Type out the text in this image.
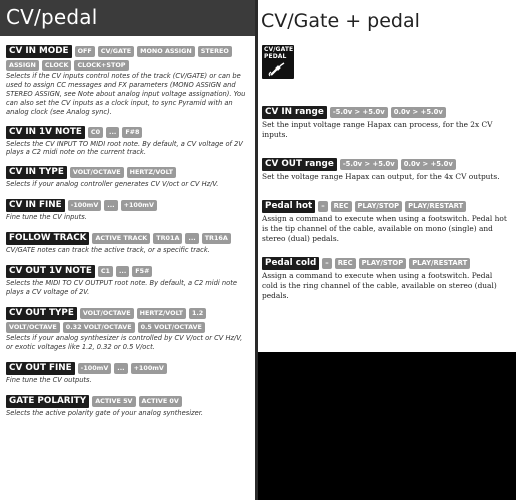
CV/pedal
CV IN MODE	OFF	CV/GATE	MONO ASSIGN	STEREO
ASSIGN	CLOCK	CLOCK+STOP
Selects if the CV inputs control notes of the track (CV/GATE) or can be used to assign CC messages and FX parameters (MONO ASSIGN and STEREO ASSIGN, see Note about analog input voltage assignation). You can also set the CV inputs as a clock input, to sync Pyramid with an analog clock (see Analog sync).
CV IN 1V NOTE	C0	...	F#8
Selects the CV INPUT TO MIDI root note. By default, a CV voltage of 2V plays a C2 midi note on the current track.
CV IN TYPE	VOLT/OCTAVE	HERTZ/VOLT
Selects if your analog controller generates CV V/oct or CV Hz/V.
CV IN FINE	-100mV	...	+100mV
Fine tune the CV inputs.
FOLLOW TRACK	ACTIVE TRACK	TR01A	...	TR16A
CV/GATE notes can track the active track, or a specific track.
CV OUT 1V NOTE	C1	...	F5#
Selects the MIDI TO CV OUTPUT root note. By default, a C2 midi note plays a CV voltage of 2V.
CV OUT TYPE	VOLT/OCTAVE	HERTZ/VOLT	1.2
VOLT/OCTAVE	0.32 VOLT/OCTAVE	0.5 VOLT/OCTAVE
Selects if your analog synthesizer is controlled by CV V/oct or CV Hz/V, or exotic voltages like 1.2, 0.32 or 0.5 V/oct.
CV OUT FINE	-100mV	...	+100mV
Fine tune the CV outputs.
GATE POLARITY	ACTIVE 5V	ACTIVE 0V
Selects the active polarity gate of your analog synthesizer.
CV/Gate + pedal
CV IN range	-5.0v > +5.0v	0.0v > +5.0v
Set the input voltage range Hapax can process, for the 2x CV inputs.
CV OUT range	-5.0v > +5.0v	0.0v > +5.0v
Set the voltage range Hapax can output, for the 4x CV outputs.
Pedal hot	–	REC	PLAY/STOP	PLAY/RESTART
Assign a command to execute when using a footswitch. Pedal hot is the tip channel of the cable, available on mono (single) and stereo (dual) pedals.
Pedal cold	–	REC	PLAY/STOP	PLAY/RESTART
Assign a command to execute when using a footswitch. Pedal cold is the ring channel of the cable, available on stereo (dual) pedals.
CV/GATE PEDAL
